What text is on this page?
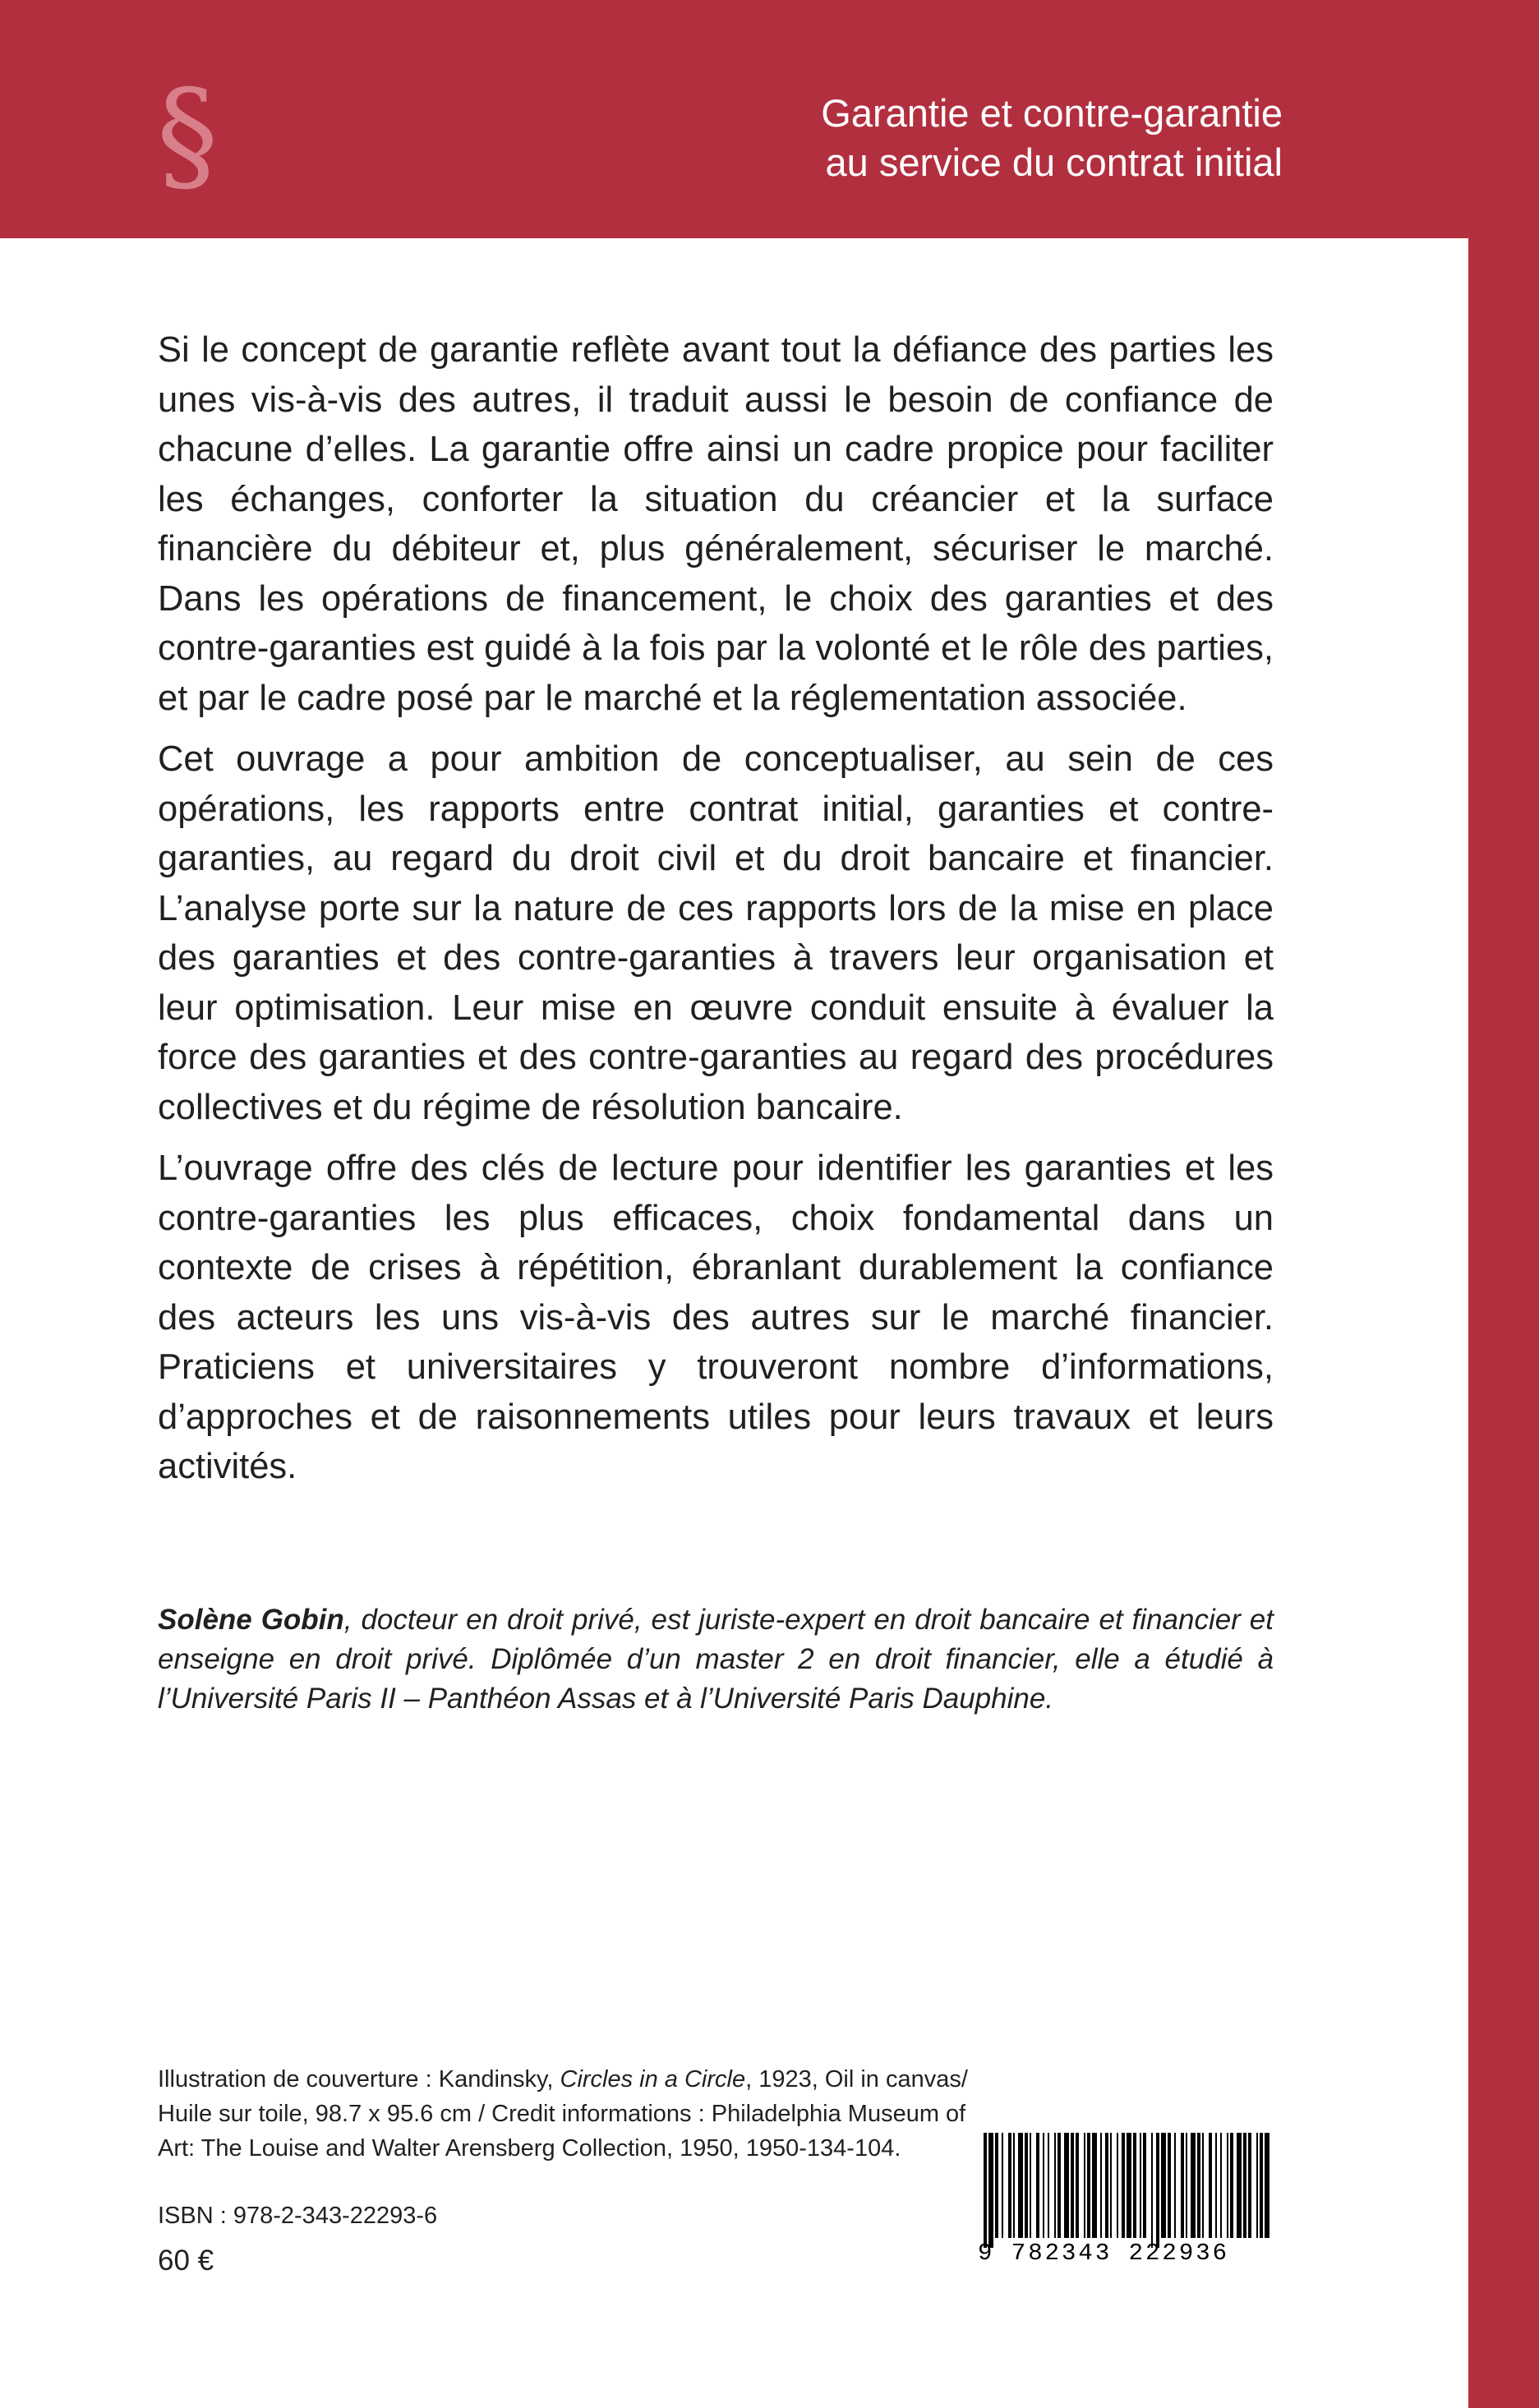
§	Garantie et contre-garantie
au service du contrat initial

Si le concept de garantie reflète avant tout la défiance des parties les unes vis-à-vis des autres, il traduit aussi le besoin de confiance de chacune d’elles. La garantie offre ainsi un cadre propice pour faciliter les échanges, conforter la situation du créancier et la surface financière du débiteur et, plus généralement, sécuriser le marché. Dans les opérations de financement, le choix des garanties et des contre-garanties est guidé à la fois par la volonté et le rôle des parties, et par le cadre posé par le marché et la réglementation associée.

Cet ouvrage a pour ambition de conceptualiser, au sein de ces opérations, les rapports entre contrat initial, garanties et contre-garanties, au regard du droit civil et du droit bancaire et financier. L’analyse porte sur la nature de ces rapports lors de la mise en place des garanties et des contre-garanties à travers leur organisation et leur optimisation. Leur mise en œuvre conduit ensuite à évaluer la force des garanties et des contre-garanties au regard des procédures collectives et du régime de résolution bancaire.

L’ouvrage offre des clés de lecture pour identifier les garanties et les contre-garanties les plus efficaces, choix fondamental dans un contexte de crises à répétition, ébranlant durablement la confiance des acteurs les uns vis-à-vis des autres sur le marché financier. Praticiens et universitaires y trouveront nombre d’informations, d’approches et de raisonnements utiles pour leurs travaux et leurs activités.

Solène Gobin, docteur en droit privé, est juriste-expert en droit bancaire et financier et enseigne en droit privé. Diplômée d’un master 2 en droit financier, elle a étudié à l’Université Paris II – Panthéon Assas et à l’Université Paris Dauphine.

Illustration de couverture : Kandinsky, Circles in a Circle, 1923, Oil in canvas/ Huile sur toile, 98.7 x 95.6 cm / Credit informations : Philadelphia Museum of Art: The Louise and Walter Arensberg Collection, 1950, 1950-134-104.
ISBN : 978-2-343-22293-6
60 €	9 782343 222936
